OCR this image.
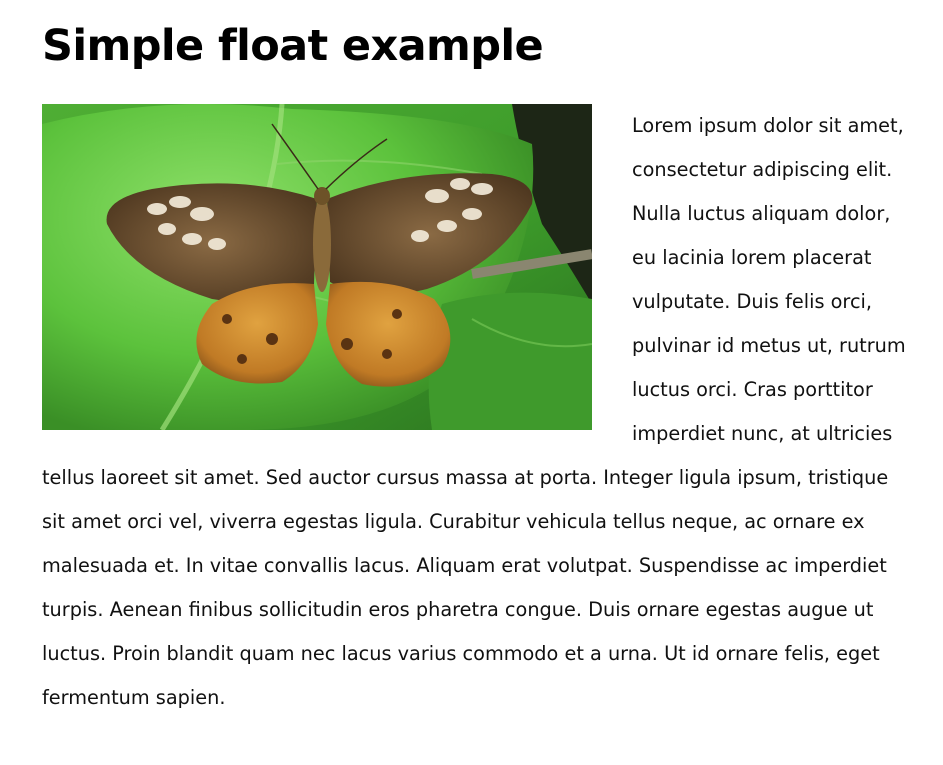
Simple float example

Lorem ipsum dolor sit amet, consectetur adipiscing elit. Nulla luctus aliquam dolor, eu lacinia lorem placerat vulputate. Duis felis orci, pulvinar id metus ut, rutrum luctus orci. Cras porttitor imperdiet nunc, at ultricies tellus laoreet sit amet. Sed auctor cursus massa at porta. Integer ligula ipsum, tristique sit amet orci vel, viverra egestas ligula. Curabitur vehicula tellus neque, ac ornare ex malesuada et. In vitae convallis lacus. Aliquam erat volutpat. Suspendisse ac imperdiet turpis. Aenean finibus sollicitudin eros pharetra congue. Duis ornare egestas augue ut luctus. Proin blandit quam nec lacus varius commodo et a urna. Ut id ornare felis, eget fermentum sapien.
